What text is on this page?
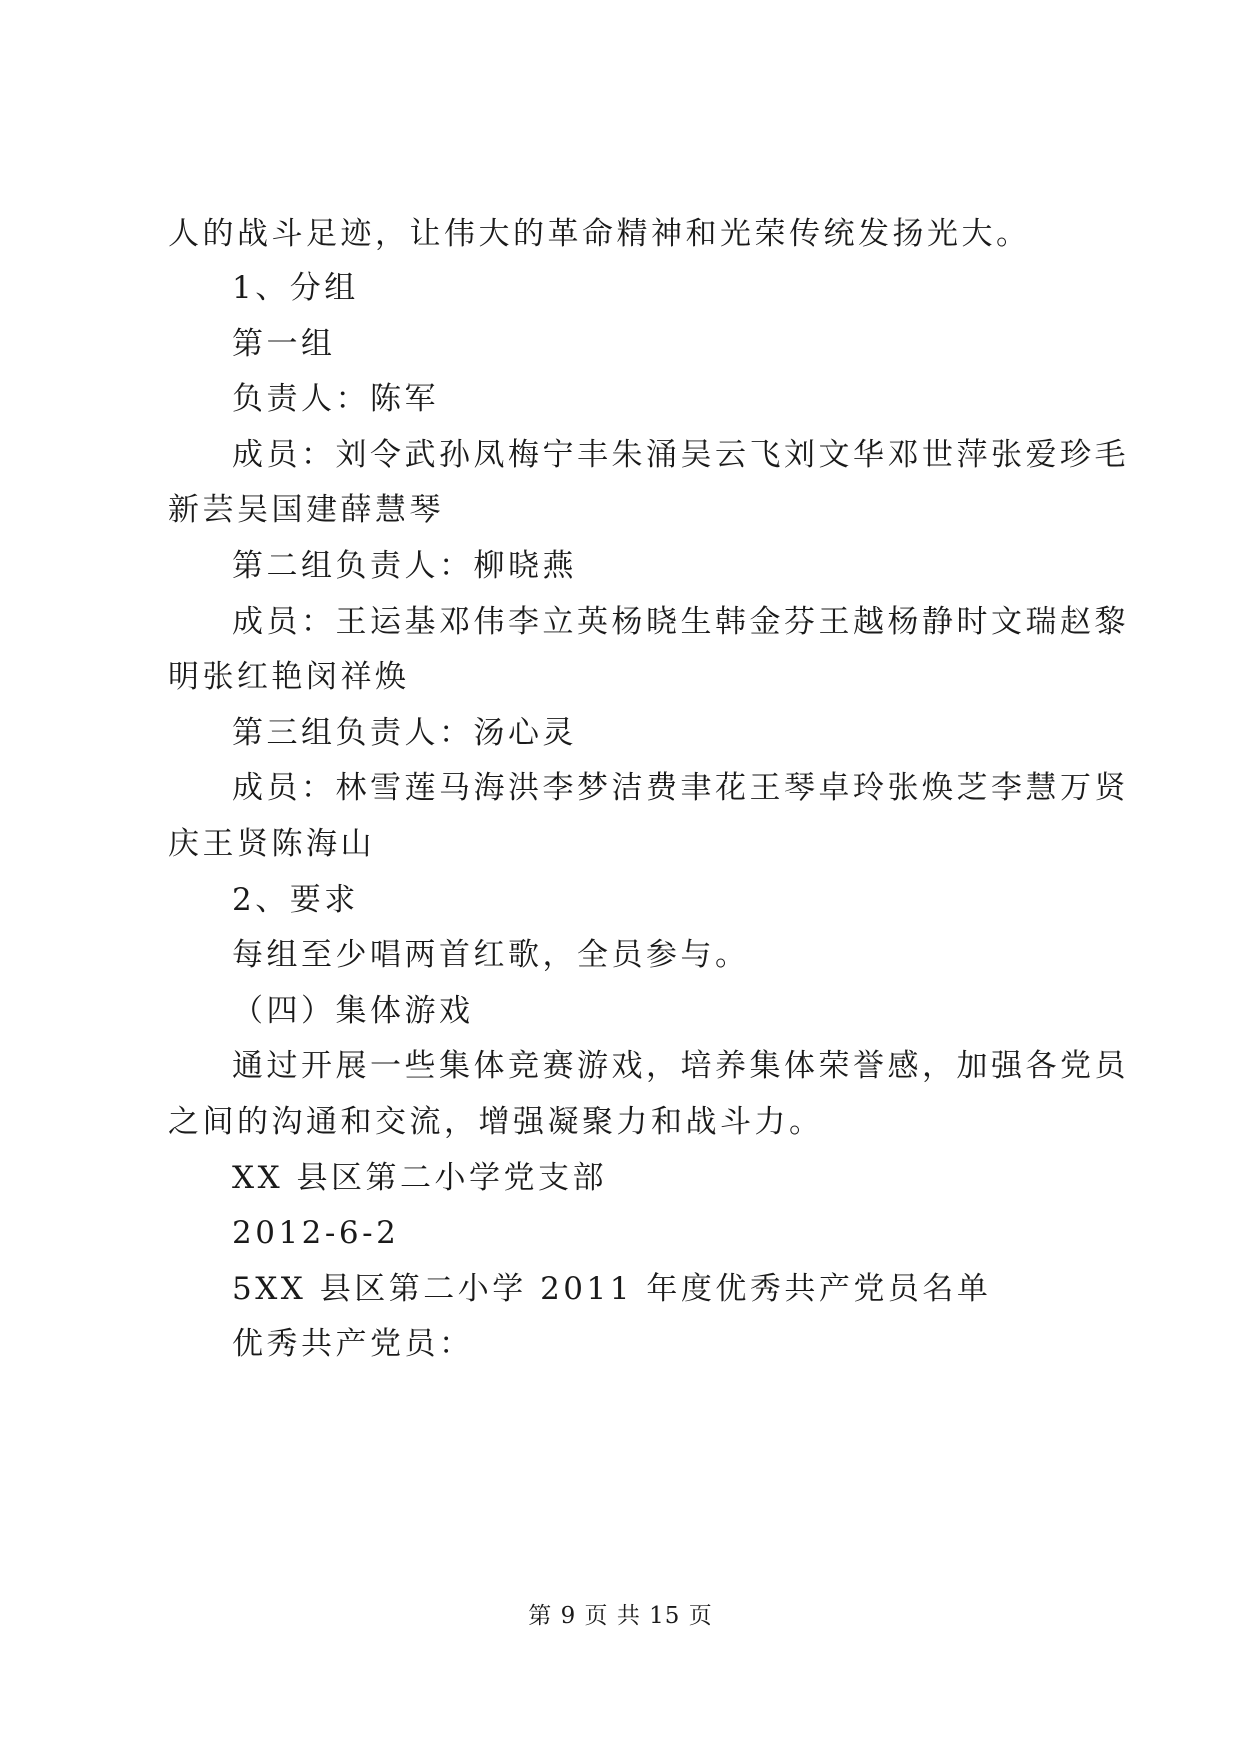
人的战斗足迹，让伟大的革命精神和光荣传统发扬光大。
1、分组
第一组
负责人：陈军
成员：刘令武孙凤梅宁丰朱涌吴云飞刘文华邓世萍张爱珍毛
新芸吴国建薛慧琴
第二组负责人：柳晓燕
成员：王运基邓伟李立英杨晓生韩金芬王越杨静时文瑞赵黎
明张红艳闵祥焕
第三组负责人：汤心灵
成员：林雪莲马海洪李梦洁费聿花王琴卓玲张焕芝李慧万贤
庆王贤陈海山
2、要求
每组至少唱两首红歌，全员参与。
（四）集体游戏
通过开展一些集体竞赛游戏，培养集体荣誉感，加强各党员
之间的沟通和交流，增强凝聚力和战斗力。
XX 县区第二小学党支部
2012-6-2
5XX 县区第二小学 2011 年度优秀共产党员名单
优秀共产党员：
第 9 页 共 15 页
